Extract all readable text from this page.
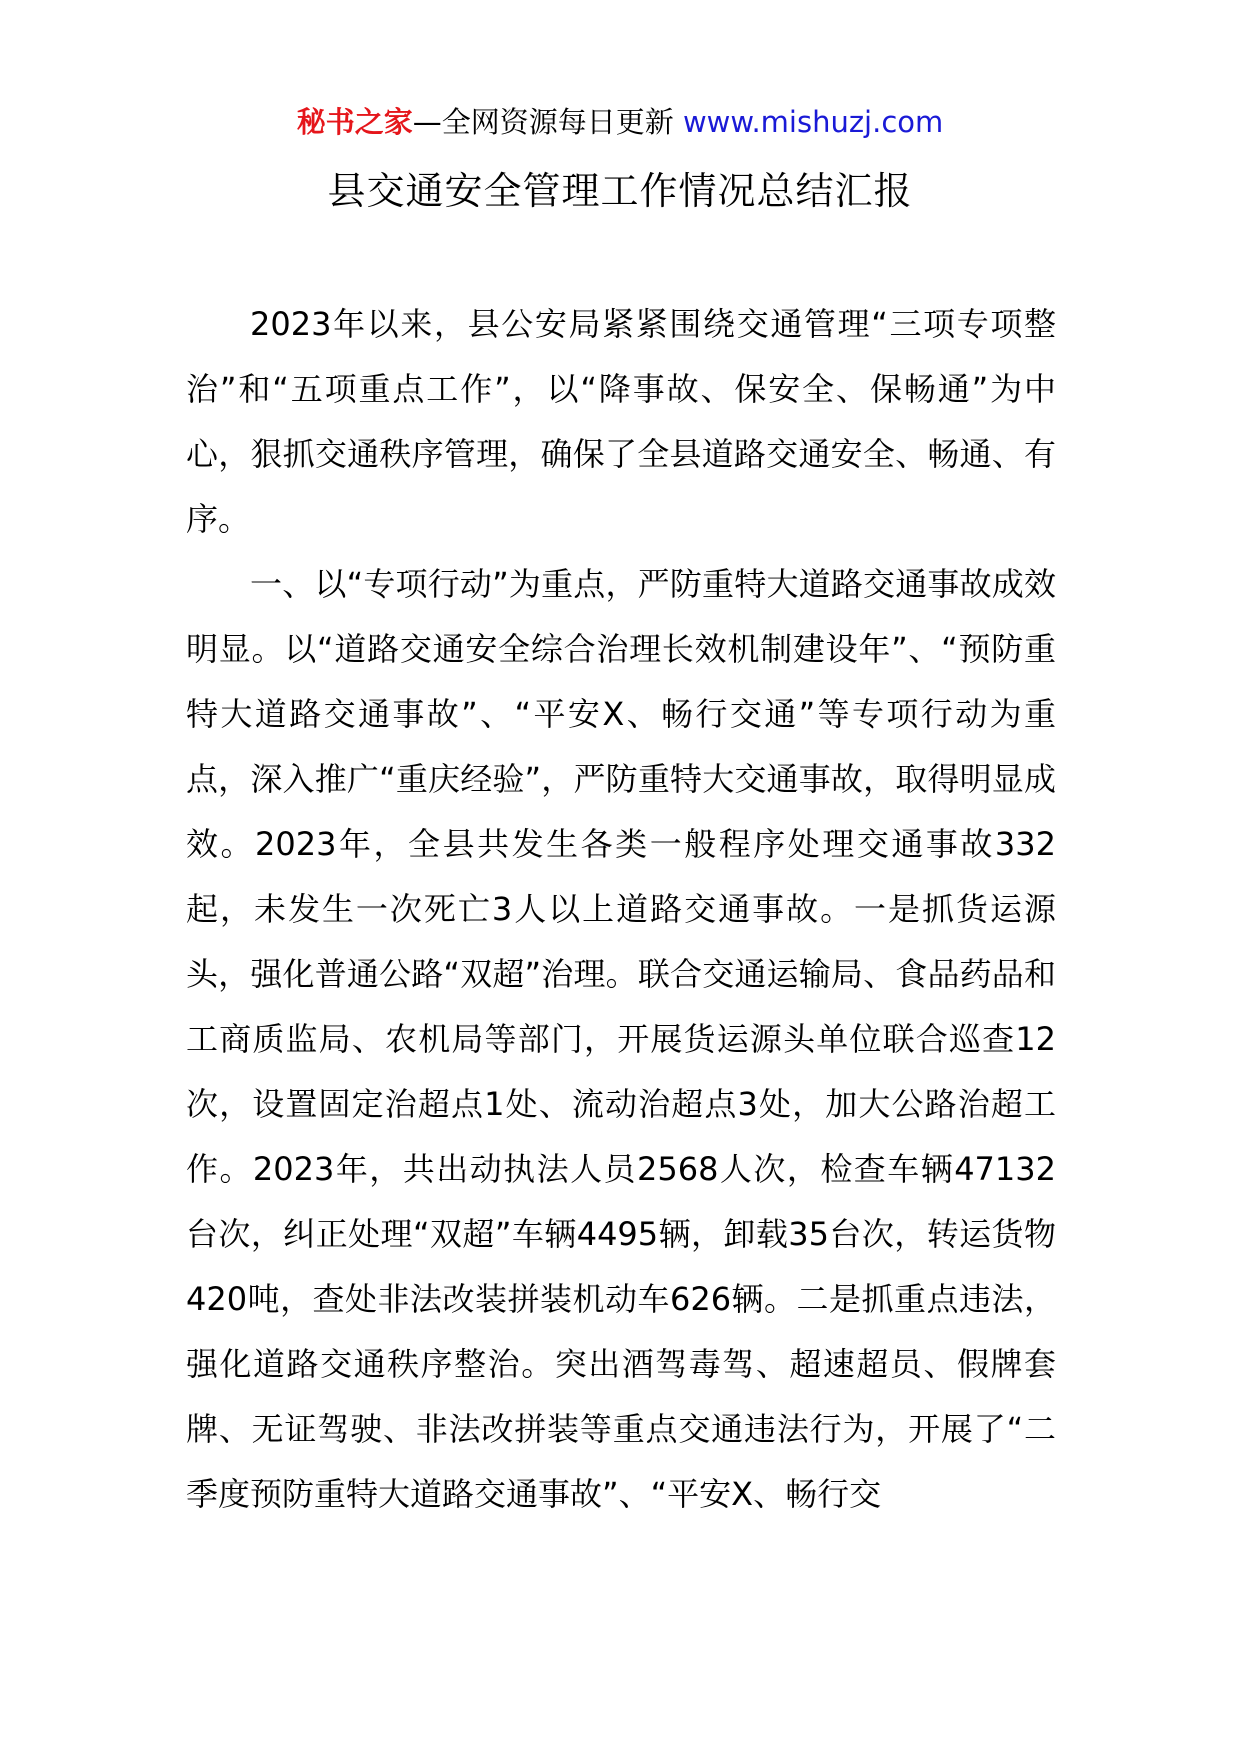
秘书之家—全网资源每日更新 www.mishuzj.com
县交通安全管理工作情况总结汇报

2023年以来，县公安局紧紧围绕交通管理“三项专项整治”和“五项重点工作”，以“降事故、保安全、保畅通”为中心，狠抓交通秩序管理，确保了全县道路交通安全、畅通、有序。

一、以“专项行动”为重点，严防重特大道路交通事故成效明显。以“道路交通安全综合治理长效机制建设年”、“预防重特大道路交通事故”、“平安X、畅行交通”等专项行动为重点，深入推广“重庆经验”，严防重特大交通事故，取得明显成效。2023年，全县共发生各类一般程序处理交通事故332起，未发生一次死亡3人以上道路交通事故。一是抓货运源头，强化普通公路“双超”治理。联合交通运输局、食品药品和工商质监局、农机局等部门，开展货运源头单位联合巡查12次，设置固定治超点1处、流动治超点3处，加大公路治超工作。2023年，共出动执法人员2568人次，检查车辆47132台次，纠正处理“双超”车辆4495辆，卸载35台次，转运货物420吨，查处非法改装拼装机动车626辆。二是抓重点违法，强化道路交通秩序整治。突出酒驾毒驾、超速超员、假牌套牌、无证驾驶、非法改拼装等重点交通违法行为，开展了“二季度预防重特大道路交通事故”、“平安X、畅行交
